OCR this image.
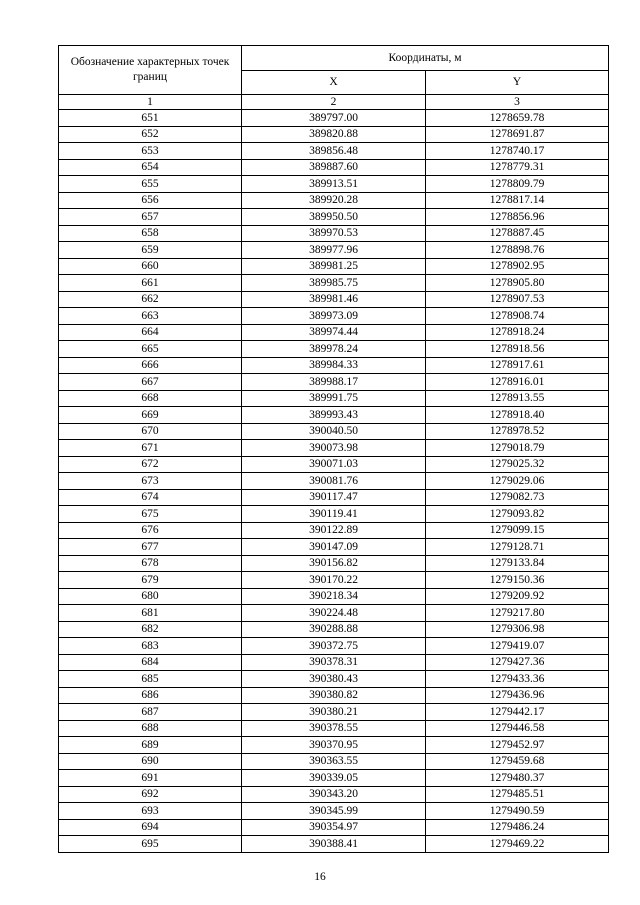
Обозначение характерных точек границ	Координаты, м	
	X	Y
1	2	3
651	389797.00	1278659.78
652	389820.88	1278691.87
653	389856.48	1278740.17
654	389887.60	1278779.31
655	389913.51	1278809.79
656	389920.28	1278817.14
657	389950.50	1278856.96
658	389970.53	1278887.45
659	389977.96	1278898.76
660	389981.25	1278902.95
661	389985.75	1278905.80
662	389981.46	1278907.53
663	389973.09	1278908.74
664	389974.44	1278918.24
665	389978.24	1278918.56
666	389984.33	1278917.61
667	389988.17	1278916.01
668	389991.75	1278913.55
669	389993.43	1278918.40
670	390040.50	1278978.52
671	390073.98	1279018.79
672	390071.03	1279025.32
673	390081.76	1279029.06
674	390117.47	1279082.73
675	390119.41	1279093.82
676	390122.89	1279099.15
677	390147.09	1279128.71
678	390156.82	1279133.84
679	390170.22	1279150.36
680	390218.34	1279209.92
681	390224.48	1279217.80
682	390288.88	1279306.98
683	390372.75	1279419.07
684	390378.31	1279427.36
685	390380.43	1279433.36
686	390380.82	1279436.96
687	390380.21	1279442.17
688	390378.55	1279446.58
689	390370.95	1279452.97
690	390363.55	1279459.68
691	390339.05	1279480.37
692	390343.20	1279485.51
693	390345.99	1279490.59
694	390354.97	1279486.24
695	390388.41	1279469.22
16
